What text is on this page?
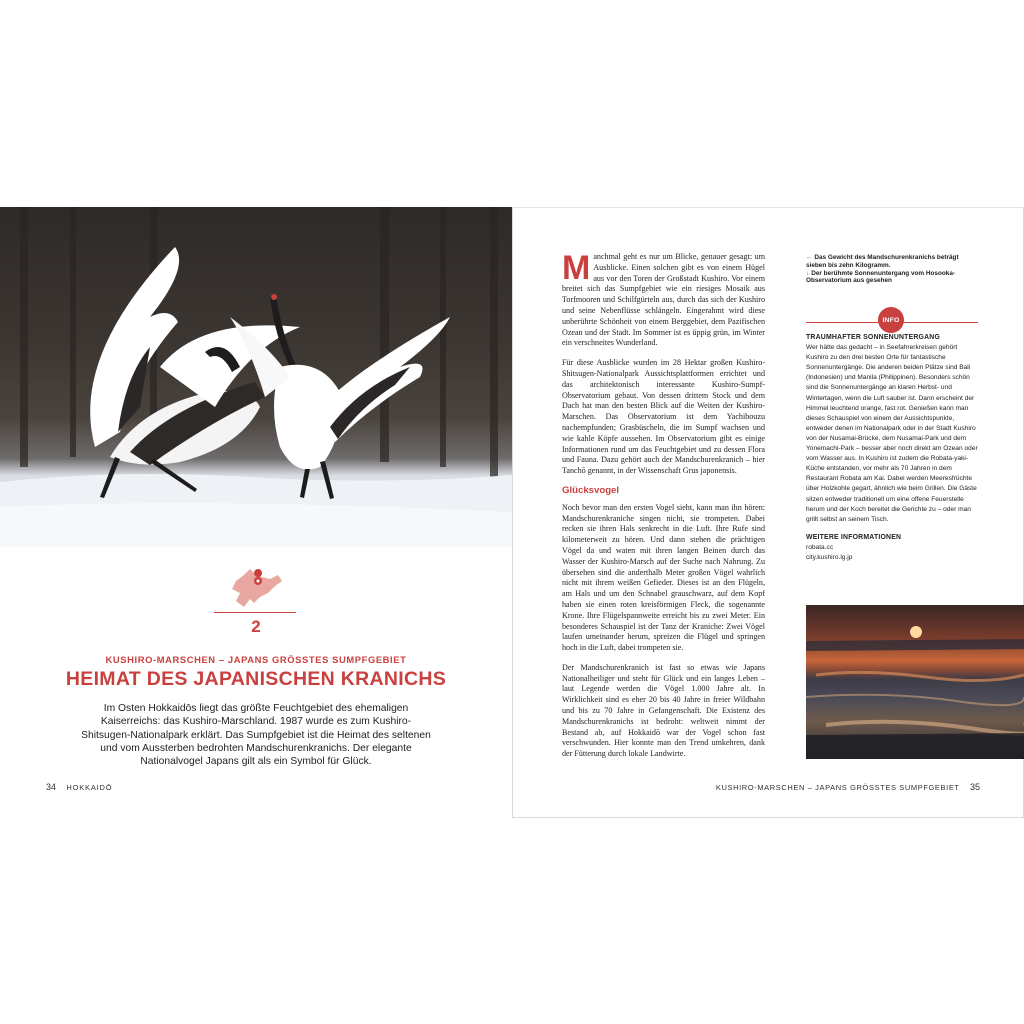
2
KUSHIRO-MARSCHEN – JAPANS GRÖSSTES SUMPFGEBIET
HEIMAT DES JAPANISCHEN KRANICHS
Im Osten Hokkaidōs liegt das größte Feuchtgebiet des ehemaligen Kaiserreichs: das Kushiro-Marschland. 1987 wurde es zum Kushiro-Shitsugen-Nationalpark erklärt. Das Sumpfgebiet ist die Heimat des seltenen und vom Aussterben bedrohten Mandschurenkranichs. Der elegante Nationalvogel Japans gilt als ein Symbol für Glück.
34 HOKKAIDŌ	KUSHIRO-MARSCHEN – JAPANS GRÖSSTES SUMPFGEBIET 35

Manchmal geht es nur um Blicke, genauer gesagt: um Ausblicke. Einen solchen gibt es von einem Hügel aus vor den Toren der Großstadt Kushiro. Vor einem breitet sich das Sumpfgebiet wie ein riesiges Mosaik aus Torfmooren und Schilfgürteln aus, durch das sich der Kushiro und seine Nebenflüsse schlängeln. Eingerahmt wird diese unberührte Schönheit von einem Berggebiet, dem Pazifischen Ozean und der Stadt. Im Sommer ist es üppig grün, im Winter ein verschneites Wunderland.

Für diese Ausblicke wurden im 28 Hektar großen Kushiro-Shitsugen-Nationalpark Aussichtsplattformen errichtet und das architektonisch interessante Kushiro-Sumpf-Observatorium gebaut. Von dessen drittem Stock und dem Dach hat man den besten Blick auf die Weiten der Kushiro-Marschen. Das Observatorium ist dem Yachibouzu nachempfunden; Grasbüscheln, die im Sumpf wachsen und wie kahle Köpfe aussehen. Im Observatorium gibt es einige Informationen rund um das Feuchtgebiet und zu dessen Flora und Fauna. Dazu gehört auch der Mandschurenkranich – hier Tanchō genannt, in der Wissenschaft Grus japonensis.

Glücksvogel

Noch bevor man den ersten Vogel sieht, kann man ihn hören: Mandschurenkraniche singen nicht, sie trompeten. Dabei recken sie ihren Hals senkrecht in die Luft. Ihre Rufe sind kilometerweit zu hören. Und dann stehen die prächtigen Vögel da und waten mit ihren langen Beinen durch das Wasser der Kushiro-Marsch auf der Suche nach Nahrung. Zu übersehen sind die anderthalb Meter großen Vögel wahrlich nicht mit ihrem weißen Gefieder. Dieses ist an den Flügeln, am Hals und um den Schnabel grauschwarz, auf dem Kopf haben sie einen roten kreisförmigen Fleck, die sogenannte Krone. Ihre Flügelspannweite erreicht bis zu zwei Meter. Ein besonderes Schauspiel ist der Tanz der Kraniche: Zwei Vögel laufen umeinander herum, spreizen die Flügel und springen hoch in die Luft, dabei trompeten sie.

Der Mandschurenkranich ist fast so etwas wie Japans Nationalheiliger und steht für Glück und ein langes Leben – laut Legende werden die Vögel 1.000 Jahre alt. In Wirklichkeit sind es eher 20 bis 40 Jahre in freier Wildbahn und bis zu 70 Jahre in Gefangenschaft. Die Existenz des Mandschurenkranichs ist bedroht: weltweit nimmt der Bestand ab, auf Hokkaidō war der Vogel schon fast verschwunden. Hier konnte man den Trend umkehren, dank der Fütterung durch lokale Landwirte.

← Das Gewicht des Mandschurenkranichs beträgt sieben bis zehn Kilogramm.
↓ Der berühmte Sonnenuntergang vom Hosooka-Observatorium aus gesehen
INFO
TRAUMHAFTER SONNENUNTERGANG

Wer hätte das gedacht – in Seefahrerkreisen gehört Kushiro zu den drei besten Orte für fantastische Sonnenuntergänge. Die anderen beiden Plätze sind Bali (Indonesien) und Manila (Philippinen). Besonders schön sind die Sonnenuntergänge an klaren Herbst- und Wintertagen, wenn die Luft sauber ist. Dann erscheint der Himmel leuchtend orange, fast rot. Genießen kann man dieses Schauspiel von einem der Aussichtspunkte, entweder denen im Nationalpark oder in der Stadt Kushiro von der Nusamai-Brücke, dem Nusamai-Park und dem Yonemachi-Park – besser aber noch direkt am Ozean oder vom Wasser aus. In Kushiro ist zudem die Robata-yaki-Küche entstanden, vor mehr als 70 Jahren in dem Restaurant Robata am Kai. Dabei werden Meeresfrüchte über Holzkohle gegart, ähnlich wie beim Grillen. Die Gäste sitzen entweder traditionell um eine offene Feuerstelle herum und der Koch bereitet die Gerichte zu – oder man grillt selbst an seinem Tisch.

WEITERE INFORMATIONEN
robata.cc
city.kushiro.lg.jp
